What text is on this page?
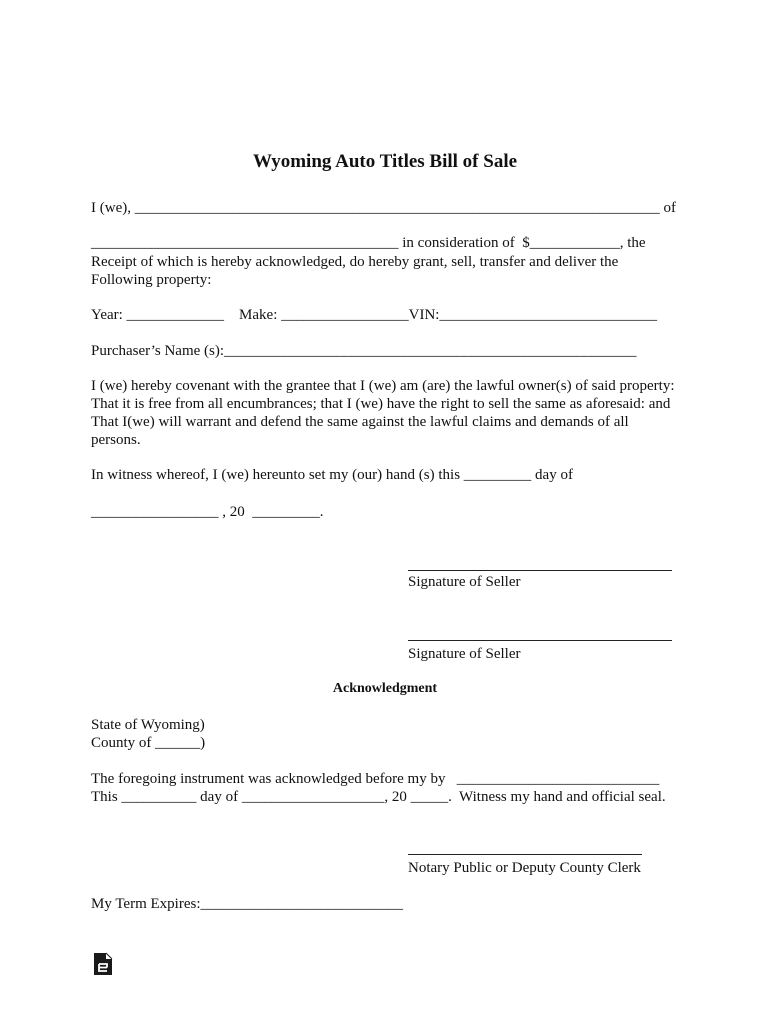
Wyoming Auto Titles Bill of Sale
I (we), ______________________________________________________________________ of
_________________________________________ in consideration of  $____________, the
Receipt of which is hereby acknowledged, do hereby grant, sell, transfer and deliver the
Following property:
Year: _____________    Make: _________________VIN:_____________________________
Purchaser’s Name (s):_______________________________________________________
I (we) hereby covenant with the grantee that I (we) am (are) the lawful owner(s) of said property:
That it is free from all encumbrances; that I (we) have the right to sell the same as aforesaid: and
That I(we) will warrant and defend the same against the lawful claims and demands of all
persons.
In witness whereof, I (we) hereunto set my (our) hand (s) this _________ day of
_________________ , 20  _________.
Signature of Seller
Signature of Seller
Acknowledgment
State of Wyoming)
County of ______)
The foregoing instrument was acknowledged before my by   ___________________________
This __________ day of ___________________, 20 _____.  Witness my hand and official seal.
Notary Public or Deputy County Clerk
My Term Expires:___________________________
